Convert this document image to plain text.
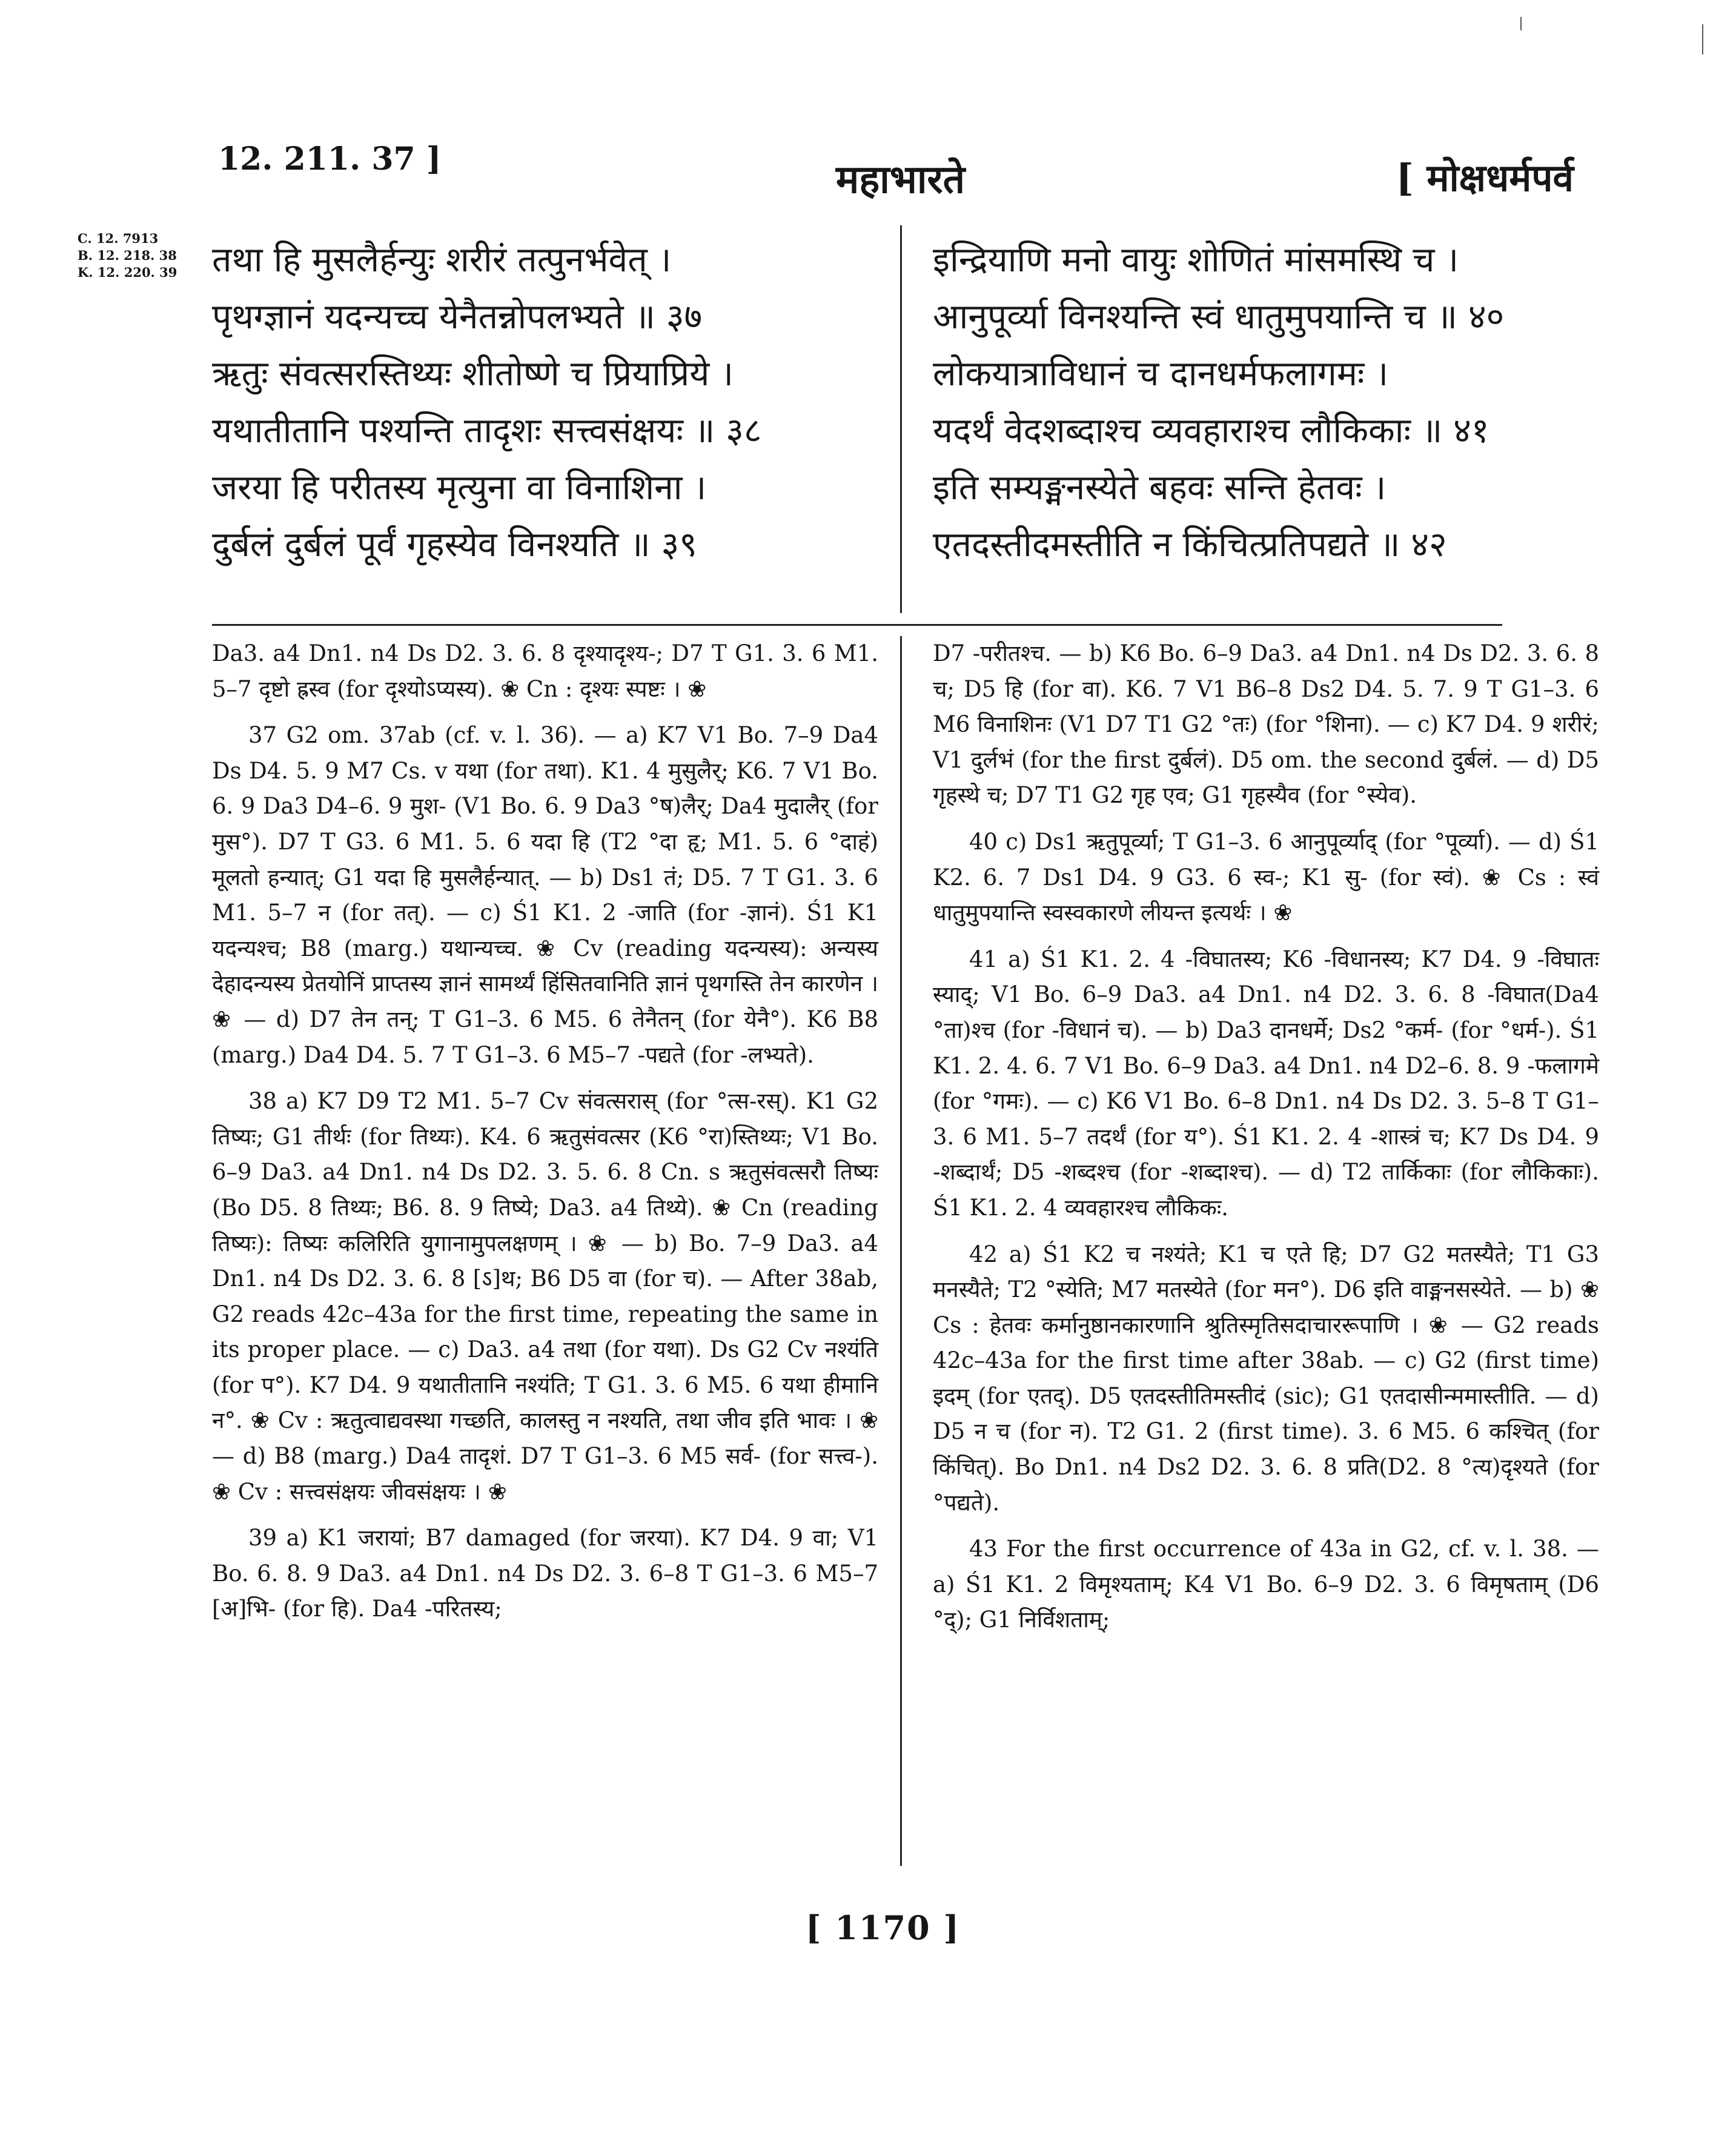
12. 211. 37 ]	महाभारते	[ मोक्षधर्मपर्व
C. 12. 7913
B. 12. 218. 38
K. 12. 220. 39 तथा हि मुसलैर्हन्युः शरीरं तत्पुनर्भवेत् ।
पृथग्ज्ञानं यदन्यच्च येनैतन्नोपलभ्यते ॥ ३७
ऋतुः संवत्सरस्तिथ्यः शीतोष्णे च प्रियाप्रिये ।
यथातीतानि पश्यन्ति तादृशः सत्त्वसंक्षयः ॥ ३८
जरया हि परीतस्य मृत्युना वा विनाशिना ।
दुर्बलं दुर्बलं पूर्वं गृहस्येव विनश्यति ॥ ३९
इन्द्रियाणि मनो वायुः शोणितं मांसमस्थि च ।
आनुपूर्व्या विनश्यन्ति स्वं धातुमुपयान्ति च ॥ ४०
लोकयात्राविधानं च दानधर्मफलागमः ।
यदर्थं वेदशब्दाश्च व्यवहाराश्च लौकिकाः ॥ ४१
इति सम्यङ्मनस्येते बहवः सन्ति हेतवः ।
एतदस्तीदमस्तीति न किंचित्प्रतिपद्यते ॥ ४२

Da3. a4 Dn1. n4 Ds D2. 3. 6. 8 दृश्यादृश्य-; D7 T G1. 3. 6 M1. 5–7 दृष्टो ह्रस्व (for दृश्योऽप्यस्य). ❀ Cn : दृश्यः स्पष्टः । ❀

37 G2 om. 37ab (cf. v. l. 36). — a) K7 V1 Bo. 7–9 Da4 Ds D4. 5. 9 M7 Cs. v यथा (for तथा). K1. 4 मुसुलैर्; K6. 7 V1 Bo. 6. 9 Da3 D4–6. 9 मुश- (V1 Bo. 6. 9 Da3 °ष)लैर्; Da4 मुदालैर् (for मुस°). D7 T G3. 6 M1. 5. 6 यदा हि (T2 °दा हृ; M1. 5. 6 °दाहं) मूलतो हन्यात्; G1 यदा हि मुसलैर्हन्यात्. — b) Ds1 तं; D5. 7 T G1. 3. 6 M1. 5–7 न (for तत्). — c) Ś1 K1. 2 -जाति (for -ज्ञानं). Ś1 K1 यदन्यश्च; B8 (marg.) यथान्यच्च. ❀ Cv (reading यदन्यस्य): अन्यस्य देहादन्यस्य प्रेतयोनिं प्राप्तस्य ज्ञानं सामर्थ्यं हिंसितवानिति ज्ञानं पृथगस्ति तेन कारणेन । ❀ — d) D7 तेन तन्; T G1–3. 6 M5. 6 तेनैतन् (for येनै°). K6 B8 (marg.) Da4 D4. 5. 7 T G1–3. 6 M5–7 -पद्यते (for -लभ्यते).

38 a) K7 D9 T2 M1. 5–7 Cv संवत्सरास् (for °त्स-रस्). K1 G2 तिष्यः; G1 तीर्थः (for तिथ्यः). K4. 6 ऋतुसंवत्सर (K6 °रा)स्तिथ्यः; V1 Bo. 6–9 Da3. a4 Dn1. n4 Ds D2. 3. 5. 6. 8 Cn. s ऋतुसंवत्सरौ तिष्यः (Bo D5. 8 तिथ्यः; B6. 8. 9 तिष्ये; Da3. a4 तिथ्ये). ❀ Cn (reading तिष्यः): तिष्यः कलिरिति युगानामुपलक्षणम् । ❀ — b) Bo. 7–9 Da3. a4 Dn1. n4 Ds D2. 3. 6. 8 [ऽ]थ; B6 D5 वा (for च). — After 38ab, G2 reads 42c–43a for the first time, repeating the same in its proper place. — c) Da3. a4 तथा (for यथा). Ds G2 Cv नश्यंति (for प°). K7 D4. 9 यथातीतानि नश्यंति; T G1. 3. 6 M5. 6 यथा हीमानि न°. ❀ Cv : ऋतुत्वाद्यवस्था गच्छति, कालस्तु न नश्यति, तथा जीव इति भावः । ❀ — d) B8 (marg.) Da4 तादृशं. D7 T G1–3. 6 M5 सर्व- (for सत्त्व-). ❀ Cv : सत्त्वसंक्षयः जीवसंक्षयः । ❀

39 a) K1 जरायां; B7 damaged (for जरया). K7 D4. 9 वा; V1 Bo. 6. 8. 9 Da3. a4 Dn1. n4 Ds D2. 3. 6–8 T G1–3. 6 M5–7 [अ]भि- (for हि). Da4 -परितस्य;

D7 -परीतश्च. — b) K6 Bo. 6–9 Da3. a4 Dn1. n4 Ds D2. 3. 6. 8 च; D5 हि (for वा). K6. 7 V1 B6–8 Ds2 D4. 5. 7. 9 T G1–3. 6 M6 विनाशिनः (V1 D7 T1 G2 °तः) (for °शिना). — c) K7 D4. 9 शरीरं; V1 दुर्लभं (for the first दुर्बलं). D5 om. the second दुर्बलं. — d) D5 गृहस्थे च; D7 T1 G2 गृह एव; G1 गृहस्यैव (for °स्येव).

40 c) Ds1 ऋतुपूर्व्या; T G1–3. 6 आनुपूर्व्याद् (for °पूर्व्या). — d) Ś1 K2. 6. 7 Ds1 D4. 9 G3. 6 स्व-; K1 सु- (for स्वं). ❀ Cs : स्वं धातुमुपयान्ति स्वस्वकारणे लीयन्त इत्यर्थः । ❀

41 a) Ś1 K1. 2. 4 -विघातस्य; K6 -विधानस्य; K7 D4. 9 -विघातः स्याद्; V1 Bo. 6–9 Da3. a4 Dn1. n4 D2. 3. 6. 8 -विघात(Da4 °ता)श्च (for -विधानं च). — b) Da3 दानधर्मे; Ds2 °कर्म- (for °धर्म-). Ś1 K1. 2. 4. 6. 7 V1 Bo. 6–9 Da3. a4 Dn1. n4 D2–6. 8. 9 -फलागमे (for °गमः). — c) K6 V1 Bo. 6–8 Dn1. n4 Ds D2. 3. 5–8 T G1–3. 6 M1. 5–7 तदर्थं (for य°). Ś1 K1. 2. 4 -शास्त्रं च; K7 Ds D4. 9 -शब्दार्थं; D5 -शब्दश्च (for -शब्दाश्च). — d) T2 तार्किकाः (for लौकिकाः). Ś1 K1. 2. 4 व्यवहारश्च लौकिकः.

42 a) Ś1 K2 च नश्यंते; K1 च एते हि; D7 G2 मतस्यैते; T1 G3 मनस्यैते; T2 °स्येति; M7 मतस्येते (for मन°). D6 इति वाङ्मनसस्येते. — b) ❀ Cs : हेतवः कर्मानुष्ठानकारणानि श्रुतिस्मृतिसदाचाररूपाणि । ❀ — G2 reads 42c–43a for the first time after 38ab. — c) G2 (first time) इदम् (for एतद्). D5 एतदस्तीतिमस्तीदं (sic); G1 एतदासीन्ममास्तीति. — d) D5 न च (for न). T2 G1. 2 (first time). 3. 6 M5. 6 कश्चित् (for किंचित्). Bo Dn1. n4 Ds2 D2. 3. 6. 8 प्रति(D2. 8 °त्य)दृश्यते (for °पद्यते).

43 For the first occurrence of 43a in G2, cf. v. l. 38. — a) Ś1 K1. 2 विमृश्यताम्; K4 V1 Bo. 6–9 D2. 3. 6 विमृषताम् (D6 °द्); G1 निर्विशताम्;

[ 1170 ]
